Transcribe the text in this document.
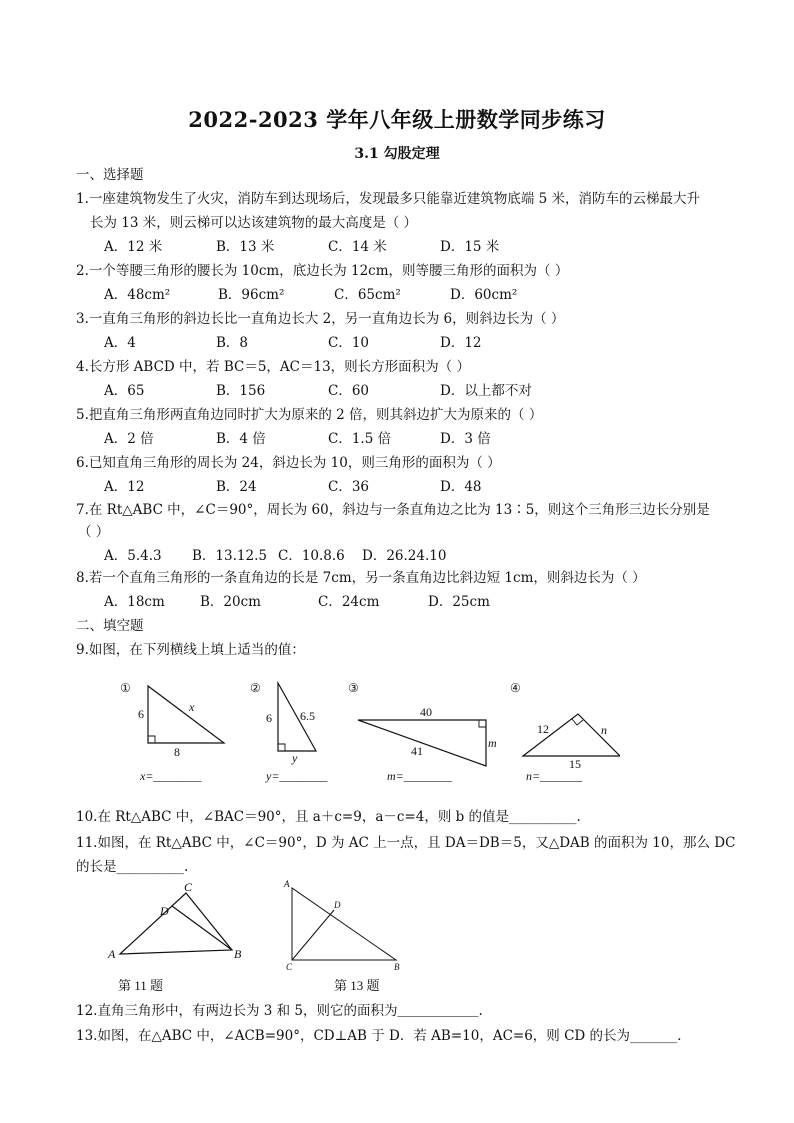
2022-2023 学年八年级上册数学同步练习
3.1 勾股定理
一、选择题
1.一座建筑物发生了火灾，消防车到达现场后，发现最多只能靠近建筑物底端 5 米，消防车的云梯最大升
长为 13 米，则云梯可以达该建筑物的最大高度是（ ）
A．12 米	B．13 米	C．14 米	D．15 米
2.一个等腰三角形的腰长为 10cm，底边长为 12cm，则等腰三角形的面积为（ ）
A．48cm²	B．96cm²	C．65cm²	D．60cm²
3.一直角三角形的斜边长比一直角边长大 2，另一直角边长为 6，则斜边长为（ ）
A．4	B．8	C．10	D．12
4.长方形 ABCD 中，若 BC＝5，AC＝13，则长方形面积为（ ）
A．65	B．156	C．60	D．以上都不对
5.把直角三角形两直角边同时扩大为原来的 2 倍，则其斜边扩大为原来的（ ）
A．2 倍	B．4 倍	C．1.5 倍	D．3 倍
6.已知直角三角形的周长为 24，斜边长为 10，则三角形的面积为（ ）
A．12	B．24	C．36	D．48
7.在 Rt△ABC 中，∠C＝90°，周长为 60，斜边与一条直角边之比为 13∶5，则这个三角形三边长分别是
（ ）
A．5.4.3 B．13.12.5 C．10.8.6 D．26.24.10
8.若一个直角三角形的一条直角边的长是 7cm，另一条直角边比斜边短 1cm，则斜边长为（ ）
A．18cm	B．20cm	C．24cm	D．25cm
二、填空题
9.如图，在下列横线上填上适当的值：
①
6
8
x
②
6 6.5
y
③
40
41
m
④
12	n
15
x=________	y=________	m=________	n=_______
10.在 Rt△ABC 中，∠BAC＝90°，且 a＋c=9，a－c=4，则 b 的值是__________.
11.如图，在 Rt△ABC 中，∠C＝90°，D 为 AC 上一点，且 DA＝DB＝5，又△DAB 的面积为 10，那么 DC
的长是__________.
A	B
C
D
A
B
C
D
第 11 题	第 13 题
12.直角三角形中，有两边长为 3 和 5，则它的面积为＿＿＿＿＿＿.
13.如图，在△ABC 中，∠ACB=90°，CD⊥AB 于 D．若 AB=10，AC=6，则 CD 的长为_______．
